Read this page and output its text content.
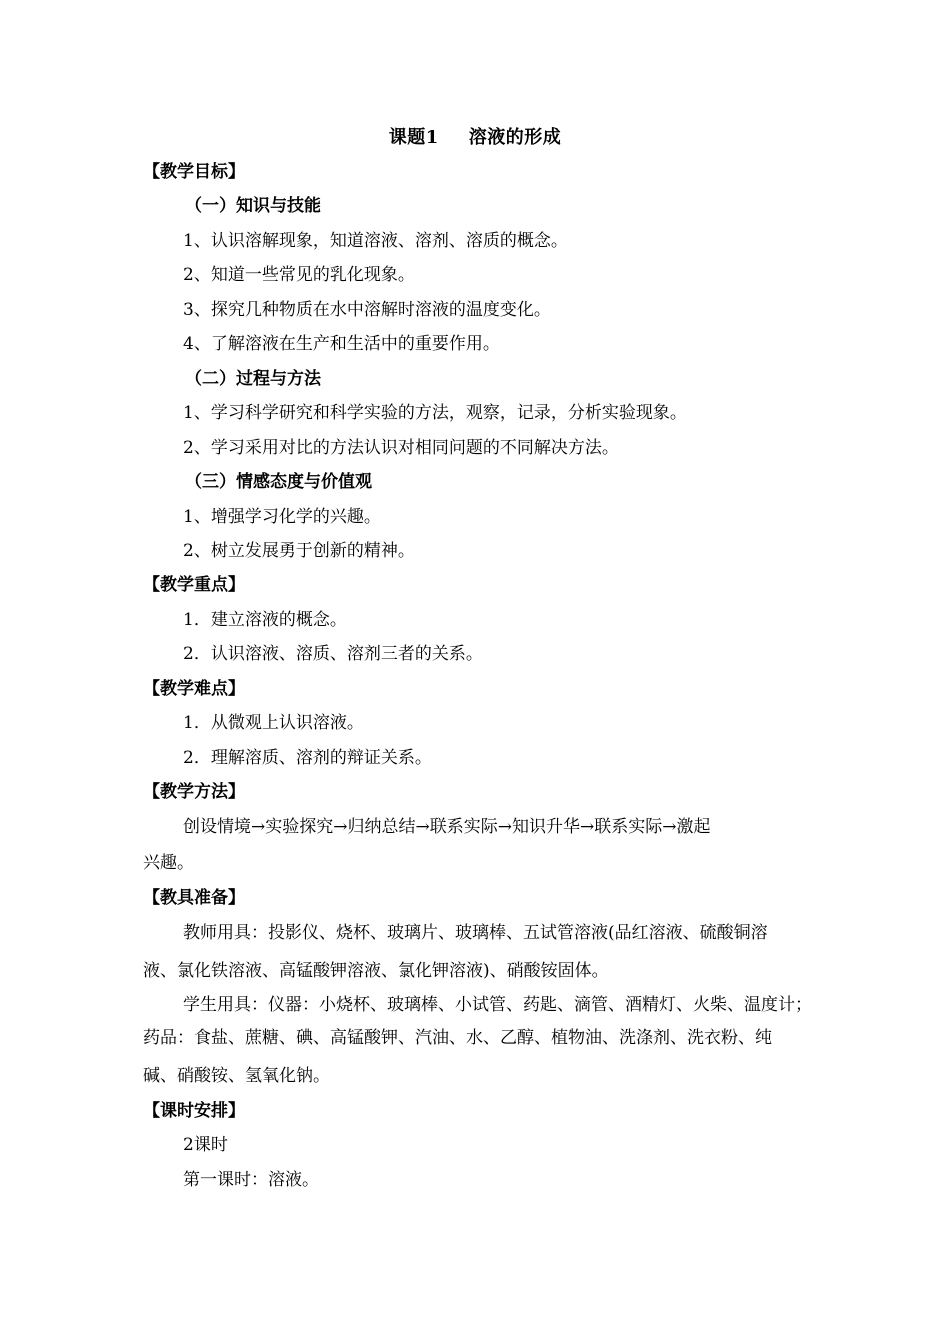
课题1 溶液的形成
【教学目标】
（一）知识与技能
1、认识溶解现象，知道溶液、溶剂、溶质的概念。
2、知道一些常见的乳化现象。
3、探究几种物质在水中溶解时溶液的温度变化。
4、了解溶液在生产和生活中的重要作用。
（二）过程与方法
1、学习科学研究和科学实验的方法，观察，记录，分析实验现象。
2、学习采用对比的方法认识对相同问题的不同解决方法。
（三）情感态度与价值观
1、增强学习化学的兴趣。
2、树立发展勇于创新的精神。
【教学重点】
1．建立溶液的概念。
2．认识溶液、溶质、溶剂三者的关系。
【教学难点】
1．从微观上认识溶液。
2．理解溶质、溶剂的辩证关系。
【教学方法】
创设情境→实验探究→归纳总结→联系实际→知识升华→联系实际→激起
兴趣。
【教具准备】
教师用具：投影仪、烧杯、玻璃片、玻璃棒、五试管溶液(品红溶液、硫酸铜溶
液、氯化铁溶液、高锰酸钾溶液、氯化钾溶液)、硝酸铵固体。
学生用具：仪器：小烧杯、玻璃棒、小试管、药匙、滴管、酒精灯、火柴、温度计；
药品：食盐、蔗糖、碘、高锰酸钾、汽油、水、乙醇、植物油、洗涤剂、洗衣粉、纯
碱、硝酸铵、氢氧化钠。
【课时安排】
2课时
第一课时：溶液。
